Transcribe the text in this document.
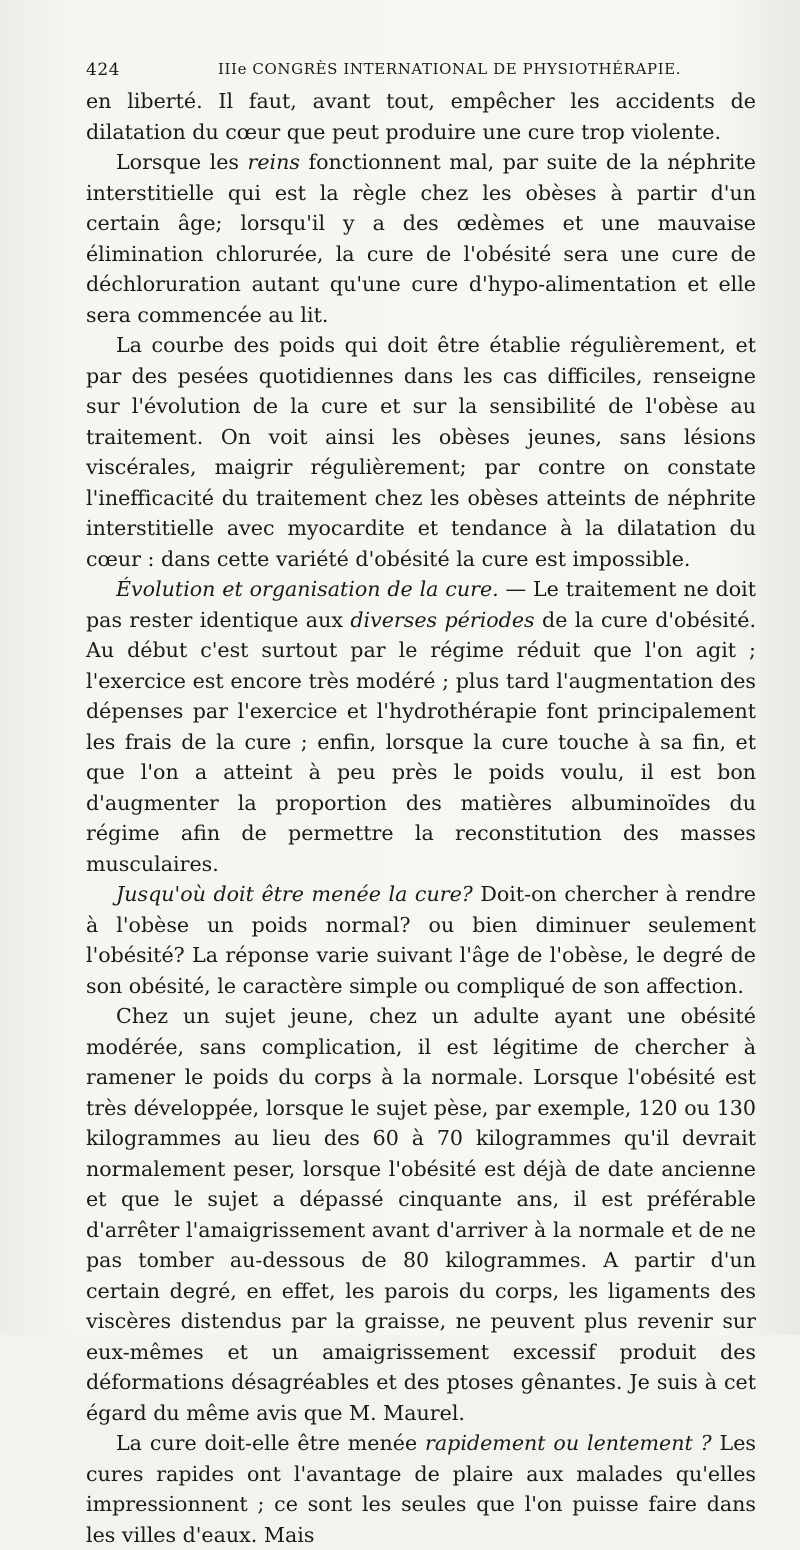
424	IIIe CONGRÈS INTERNATIONAL DE PHYSIOTHÉRAPIE.

en liberté. Il faut, avant tout, empêcher les accidents de dilatation du cœur que peut produire une cure trop violente.

Lorsque les reins fonctionnent mal, par suite de la néphrite interstitielle qui est la règle chez les obèses à partir d'un certain âge; lorsqu'il y a des œdèmes et une mauvaise élimination chlorurée, la cure de l'obésité sera une cure de déchloruration autant qu'une cure d'hypo-alimentation et elle sera commencée au lit.

La courbe des poids qui doit être établie régulièrement, et par des pesées quotidiennes dans les cas difficiles, renseigne sur l'évolution de la cure et sur la sensibilité de l'obèse au traitement. On voit ainsi les obèses jeunes, sans lésions viscérales, maigrir régulièrement; par contre on constate l'inefficacité du traitement chez les obèses atteints de néphrite interstitielle avec myocardite et tendance à la dilatation du cœur : dans cette variété d'obésité la cure est impossible.

Évolution et organisation de la cure. — Le traitement ne doit pas rester identique aux diverses périodes de la cure d'obésité. Au début c'est surtout par le régime réduit que l'on agit ; l'exercice est encore très modéré ; plus tard l'augmentation des dépenses par l'exercice et l'hydrothérapie font principalement les frais de la cure ; enfin, lorsque la cure touche à sa fin, et que l'on a atteint à peu près le poids voulu, il est bon d'augmenter la proportion des matières albuminoïdes du régime afin de permettre la reconstitution des masses musculaires.

Jusqu'où doit être menée la cure? Doit-on chercher à rendre à l'obèse un poids normal? ou bien diminuer seulement l'obésité? La réponse varie suivant l'âge de l'obèse, le degré de son obésité, le caractère simple ou compliqué de son affection.

Chez un sujet jeune, chez un adulte ayant une obésité modérée, sans complication, il est légitime de chercher à ramener le poids du corps à la normale. Lorsque l'obésité est très développée, lorsque le sujet pèse, par exemple, 120 ou 130 kilogrammes au lieu des 60 à 70 kilogrammes qu'il devrait normalement peser, lorsque l'obésité est déjà de date ancienne et que le sujet a dépassé cinquante ans, il est préférable d'arrêter l'amaigrissement avant d'arriver à la normale et de ne pas tomber au-dessous de 80 kilogrammes. A partir d'un certain degré, en effet, les parois du corps, les ligaments des viscères distendus par la graisse, ne peuvent plus revenir sur eux-mêmes et un amaigrissement excessif produit des déformations désagréables et des ptoses gênantes. Je suis à cet égard du même avis que M. Maurel.

La cure doit-elle être menée rapidement ou lentement ? Les cures rapides ont l'avantage de plaire aux malades qu'elles impressionnent ; ce sont les seules que l'on puisse faire dans les villes d'eaux. Mais
